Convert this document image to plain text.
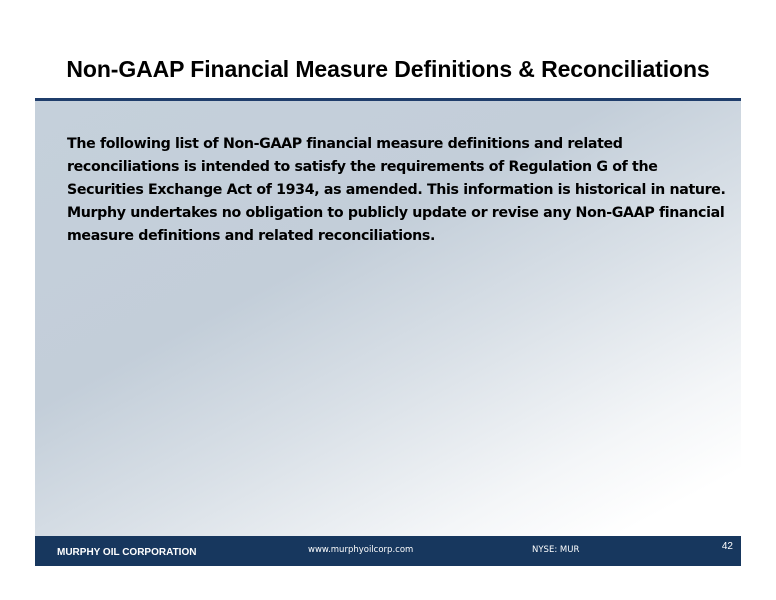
Non-GAAP Financial Measure Definitions & Reconciliations
The following list of Non-GAAP financial measure definitions and related reconciliations is intended to satisfy the requirements of Regulation G of the Securities Exchange Act of 1934, as amended. This information is historical in nature. Murphy undertakes no obligation to publicly update or revise any Non-GAAP financial measure definitions and related reconciliations.
MURPHY OIL CORPORATION	www.murphyoilcorp.com	NYSE: MUR	42
